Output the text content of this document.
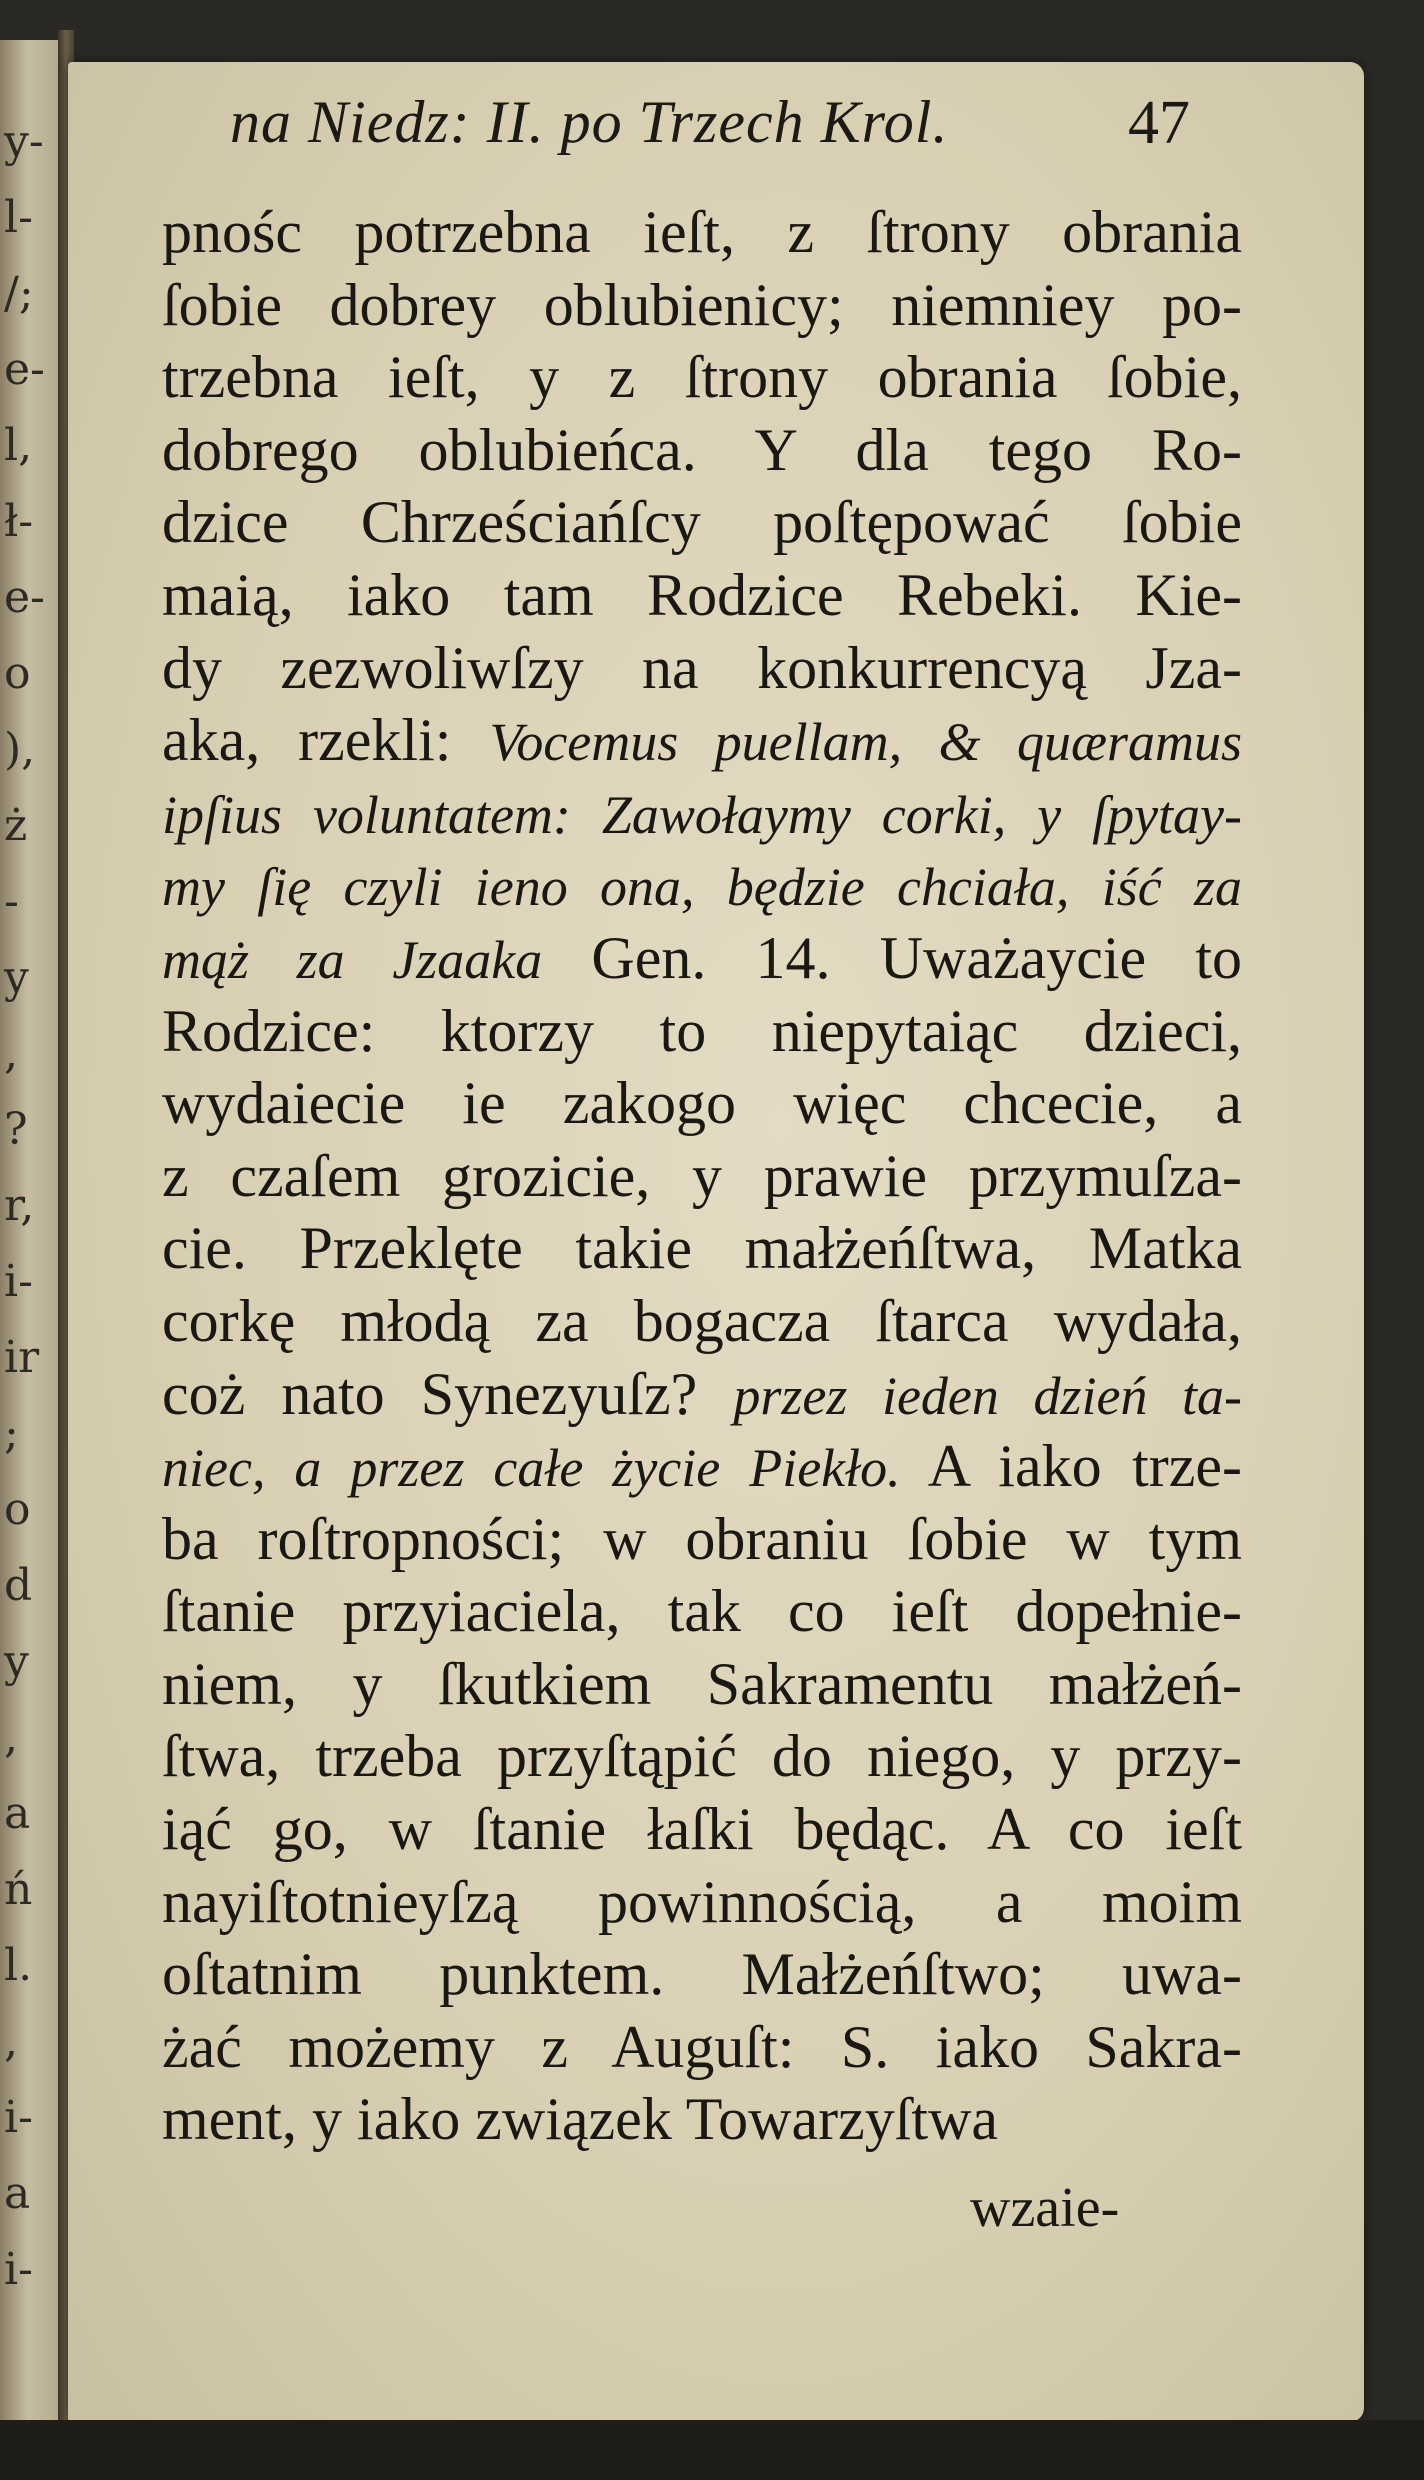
y-
l-
/;
e-
l,
ł-
e-
o
),
ż
-
y
,
?
r,
i-
ir
;
o
d
y
,
a
ń
l.
,
i-
a
i-
na Niedz: II. po Trzech Krol.	47
pnośc potrzebna ieſt, z ſtrony obrania
ſobie dobrey oblubienicy; niemniey po-
trzebna ieſt, y z ſtrony obrania ſobie,
dobrego oblubieńca. Y dla tego Ro-
dzice Chrześciańſcy poſtępować ſobie
maią, iako tam Rodzice Rebeki. Kie-
dy zezwoliwſzy na konkurrencyą Jza-
aka, rzekli: Vocemus puellam, & quæramus
ipſius voluntatem: Zawołaymy corki, y ſpytay-
my ſię czyli ieno ona, będzie chciała, iść za
mąż za Jzaaka Gen. 14. Uważaycie to
Rodzice: ktorzy to niepytaiąc dzieci,
wydaiecie ie zakogo więc chcecie, a
z czaſem grozicie, y prawie przymuſza-
cie. Przeklęte takie małżeńſtwa, Matka
corkę młodą za bogacza ſtarca wydała,
coż nato Synezyuſz? przez ieden dzień ta-
niec, a przez całe życie Piekło. A iako trze-
ba roſtropności; w obraniu ſobie w tym
ſtanie przyiaciela, tak co ieſt dopełnie-
niem, y ſkutkiem Sakramentu małżeń-
ſtwa, trzeba przyſtąpić do niego, y przy-
iąć go, w ſtanie łaſki będąc. A co ieſt
nayiſtotnieyſzą powinnością, a moim
oſtatnim punktem. Małżeńſtwo; uwa-
żać możemy z Auguſt: S. iako Sakra-
ment, y iako związek Towarzyſtwa
wzaie-
